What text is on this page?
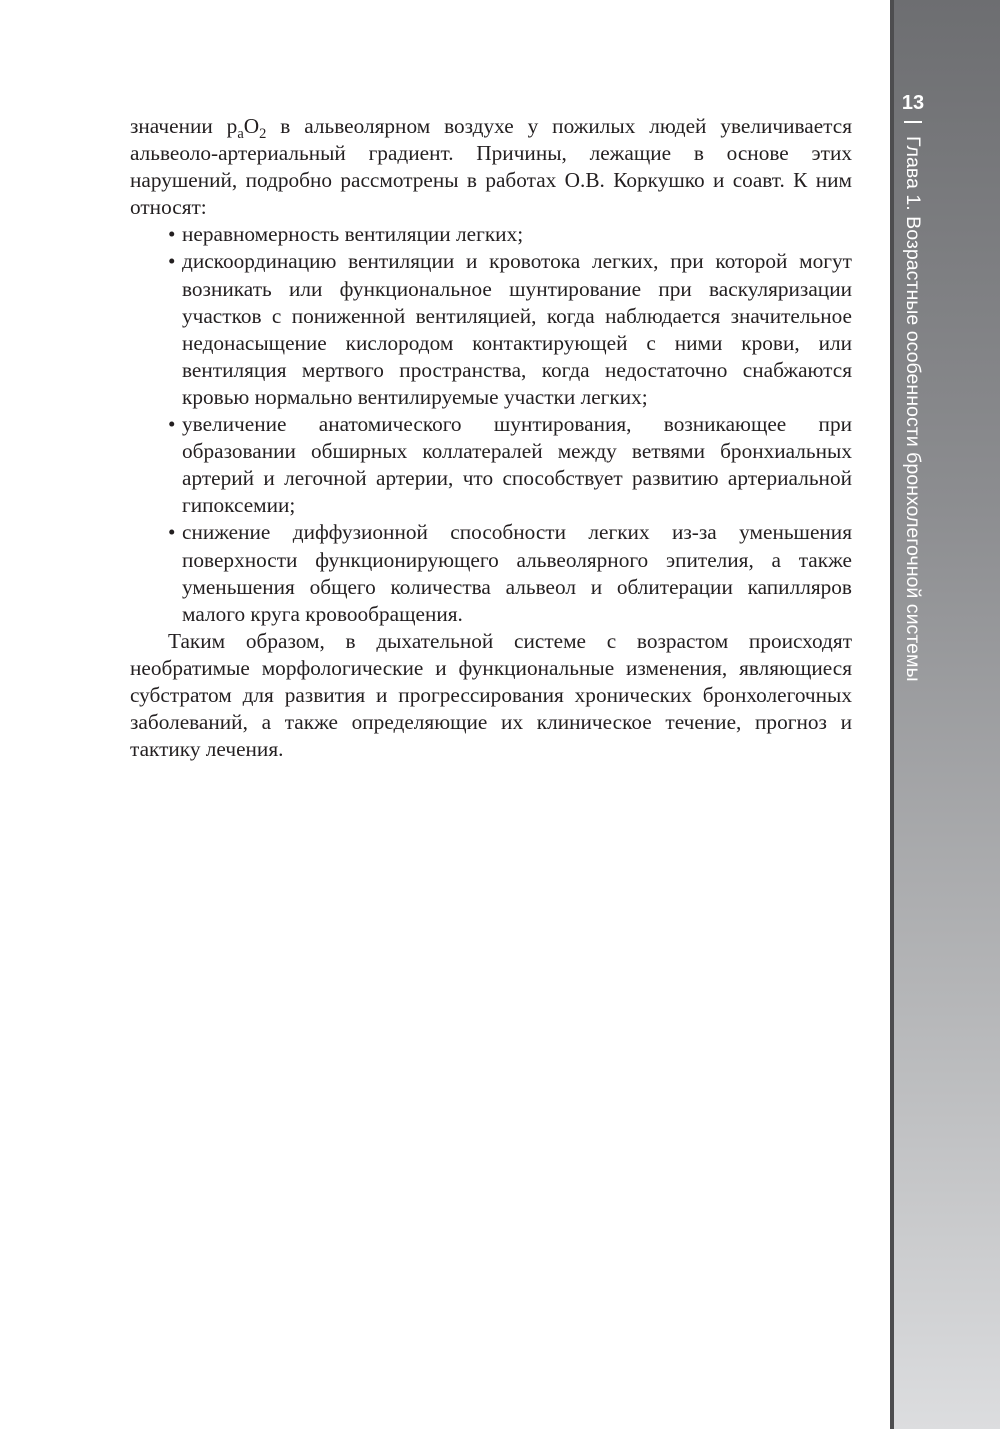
13
Глава 1. Возрастные особенности бронхолегочной системы

значении $p_aO_2$ в альвеолярном воздухе у пожилых людей увеличивается альвеоло-артериальный градиент. Причины, лежащие в основе этих нарушений, подробно рассмотрены в работах О.В. Коркушко и соавт. К ним относят:

• неравномерность вентиляции легких;
• дискоординацию вентиляции и кровотока легких, при которой могут возникать или функциональное шунтирование при васкуляризации участков с пониженной вентиляцией, когда наблюдается значительное недонасыщение кислородом контактирующей с ними крови, или вентиляция мертвого пространства, когда недостаточно снабжаются кровью нормально вентилируемые участки легких;
• увеличение анатомического шунтирования, возникающее при образовании обширных коллатералей между ветвями бронхиальных артерий и легочной артерии, что способствует развитию артериальной гипоксемии;
• снижение диффузионной способности легких из-за уменьшения поверхности функционирующего альвеолярного эпителия, а также уменьшения общего количества альвеол и облитерации капилляров малого круга кровообращения.

Таким образом, в дыхательной системе с возрастом происходят необратимые морфологические и функциональные изменения, являющиеся субстратом для развития и прогрессирования хронических бронхолегочных заболеваний, а также определяющие их клиническое течение, прогноз и тактику лечения.
